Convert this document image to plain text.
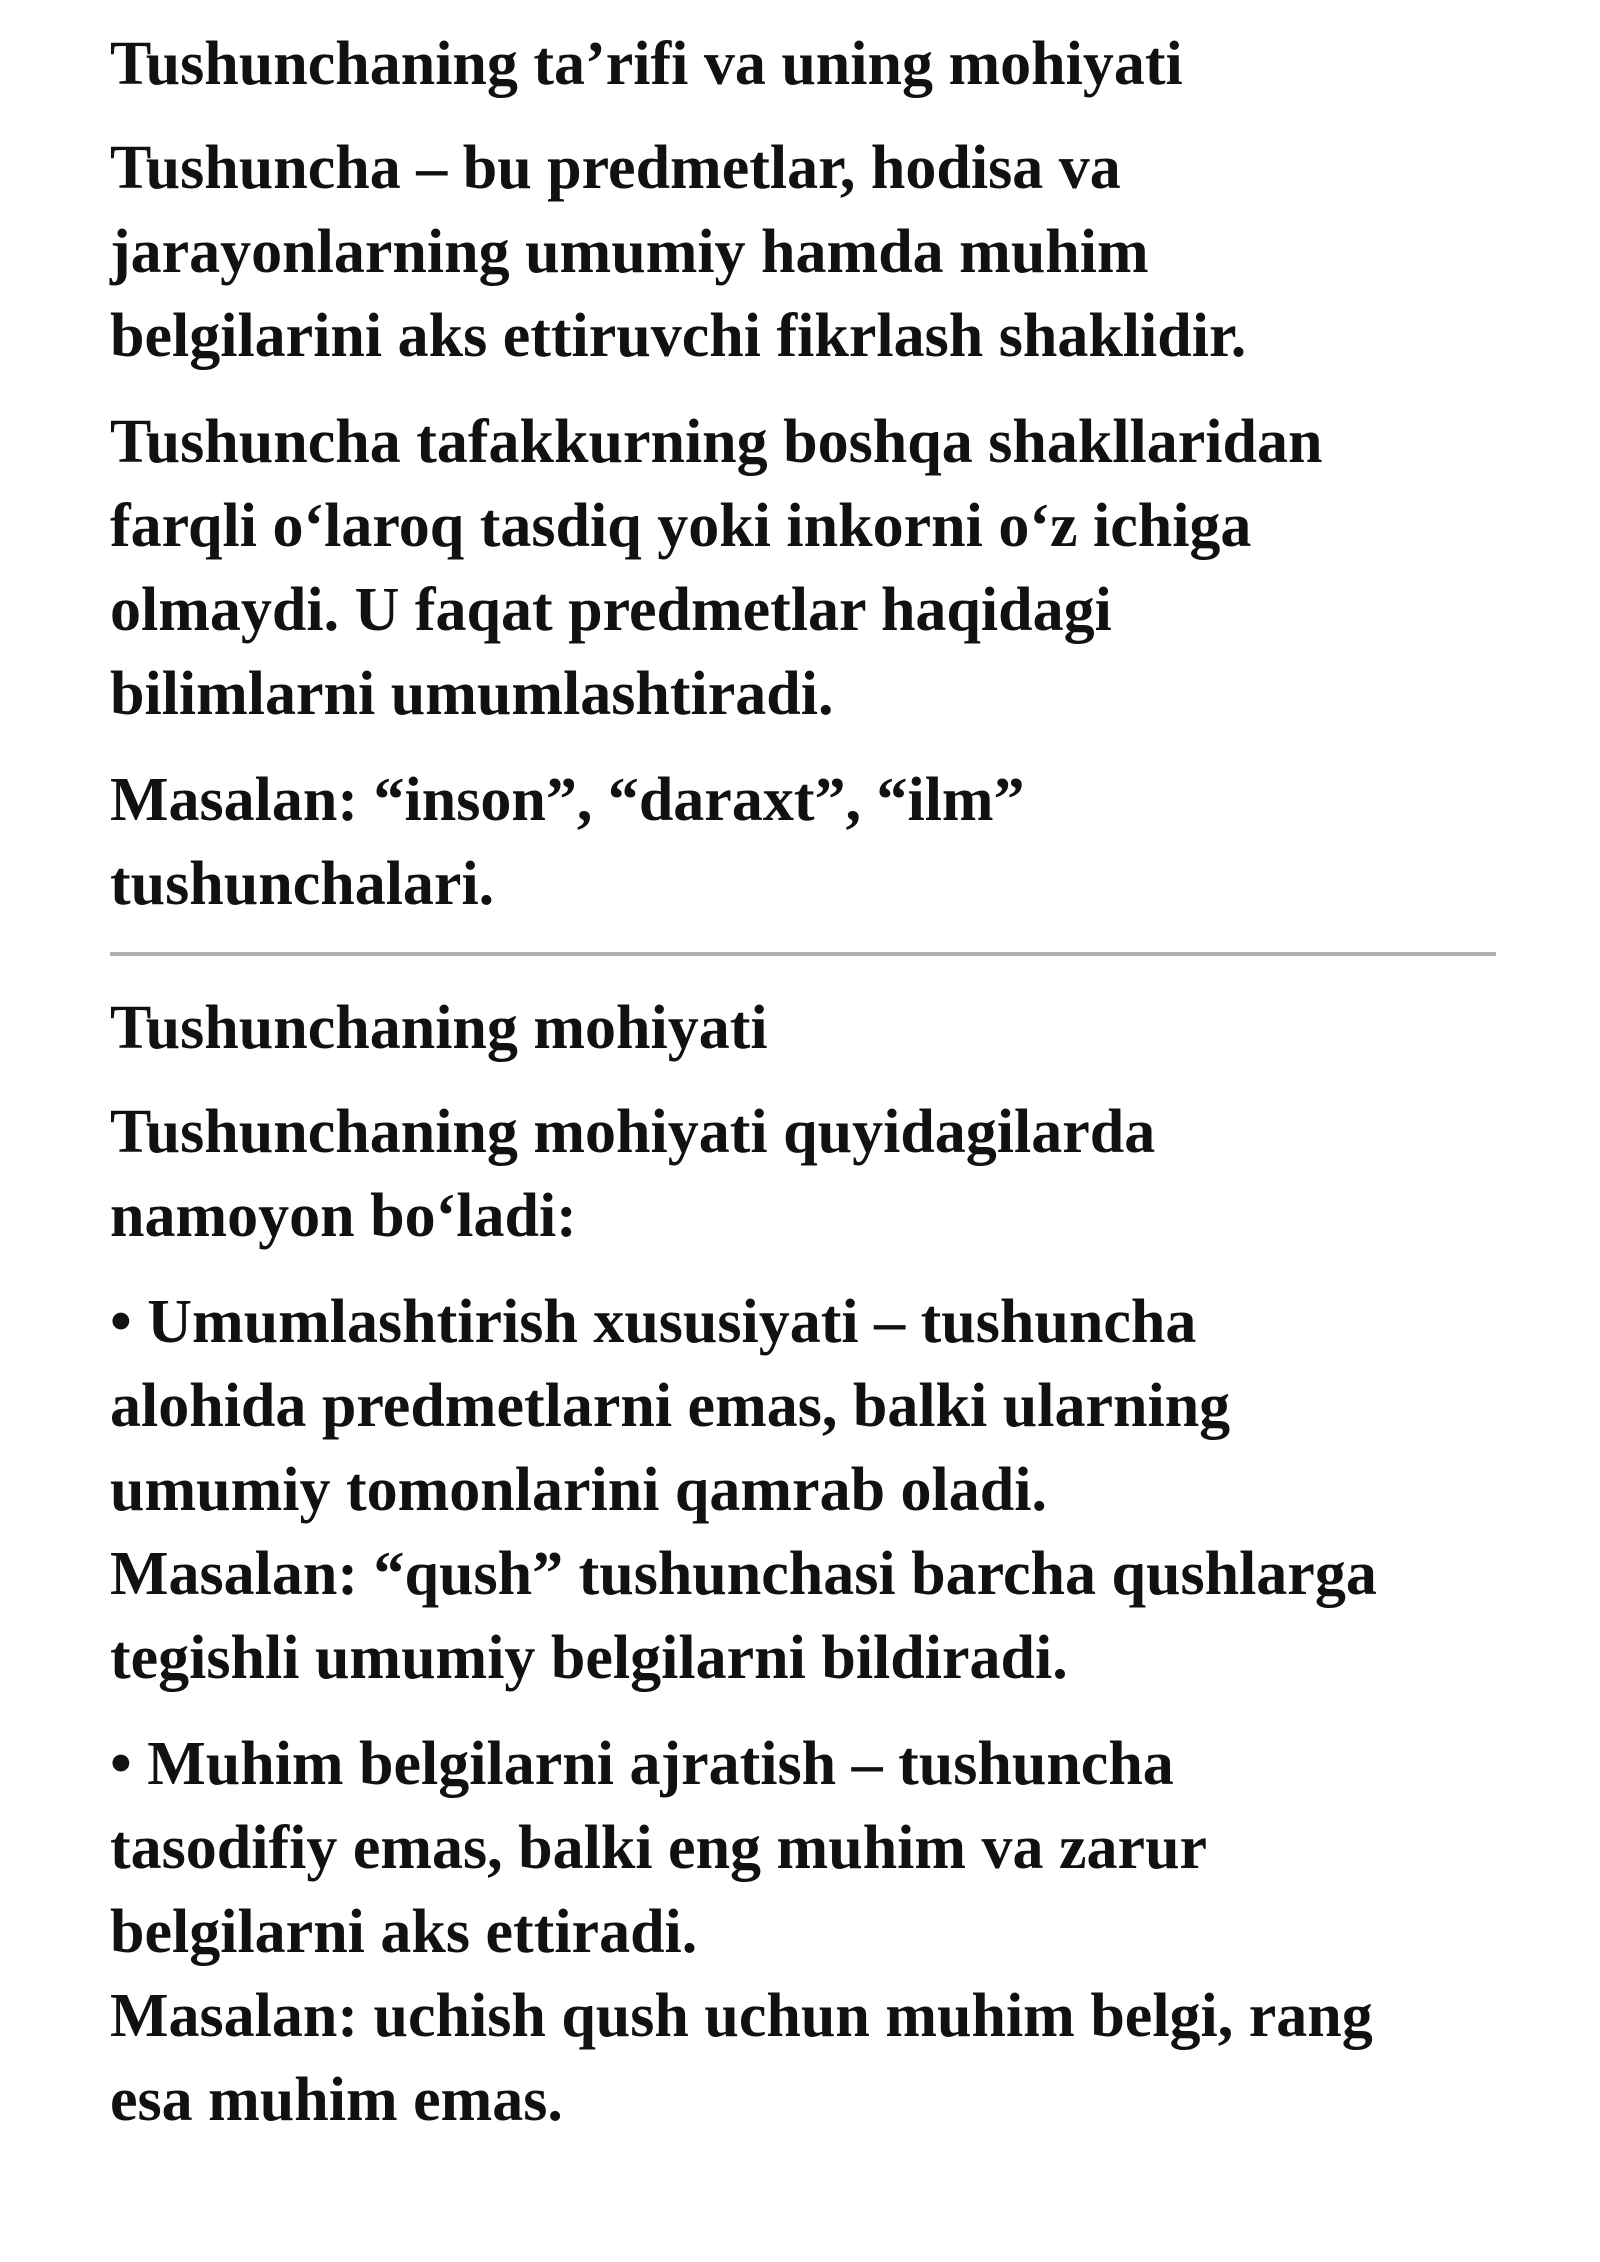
Tushunchaning ta’rifi va uning mohiyati

Tushuncha – bu predmetlar, hodisa va
jarayonlarning umumiy hamda muhim
belgilarini aks ettiruvchi fikrlash shaklidir.

Tushuncha tafakkurning boshqa shakllaridan
farqli o‘laroq tasdiq yoki inkorni o‘z ichiga
olmaydi. U faqat predmetlar haqidagi
bilimlarni umumlashtiradi.

Masalan: “inson”, “daraxt”, “ilm”
tushunchalari.

Tushunchaning mohiyati

Tushunchaning mohiyati quyidagilarda
namoyon bo‘ladi:

• Umumlashtirish xususiyati – tushuncha
alohida predmetlarni emas, balki ularning
umumiy tomonlarini qamrab oladi.
Masalan: “qush” tushunchasi barcha qushlarga
tegishli umumiy belgilarni bildiradi.

• Muhim belgilarni ajratish – tushuncha
tasodifiy emas, balki eng muhim va zarur
belgilarni aks ettiradi.
Masalan: uchish qush uchun muhim belgi, rang
esa muhim emas.
